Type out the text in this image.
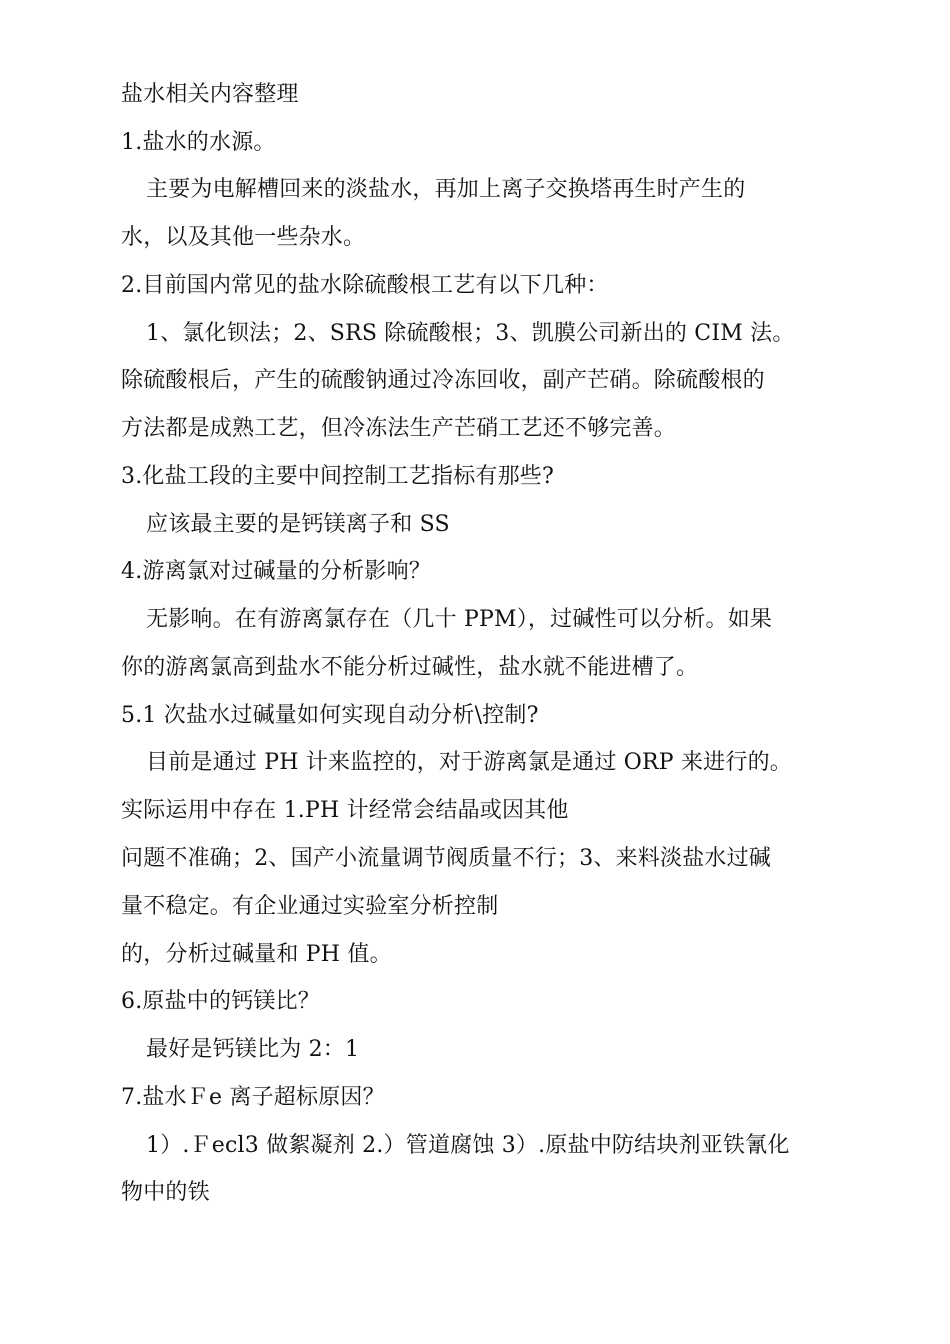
盐水相关内容整理
1.盐水的水源。
主要为电解槽回来的淡盐水，再加上离子交换塔再生时产生的
水，以及其他一些杂水。
2.目前国内常见的盐水除硫酸根工艺有以下几种：
1、氯化钡法；2、SRS 除硫酸根；3、凯膜公司新出的 CIM 法。
除硫酸根后，产生的硫酸钠通过冷冻回收，副产芒硝。除硫酸根的
方法都是成熟工艺，但冷冻法生产芒硝工艺还不够完善。
3.化盐工段的主要中间控制工艺指标有那些?
应该最主要的是钙镁离子和 SS
4.游离氯对过碱量的分析影响？
无影响。在有游离氯存在（几十 PPM），过碱性可以分析。如果
你的游离氯高到盐水不能分析过碱性，盐水就不能进槽了。
5.1 次盐水过碱量如何实现自动分析\控制?
目前是通过 PH 计来监控的，对于游离氯是通过 ORP 来进行的。
实际运用中存在 1.PH 计经常会结晶或因其他
问题不准确；2、国产小流量调节阀质量不行；3、来料淡盐水过碱
量不稳定。有企业通过实验室分析控制
的，分析过碱量和 PH 值。
6.原盐中的钙镁比？
最好是钙镁比为 2：1
7.盐水Ｆe 离子超标原因？
1）.Ｆecl3 做絮凝剂 2.）管道腐蚀 3）.原盐中防结块剂亚铁氰化
物中的铁
